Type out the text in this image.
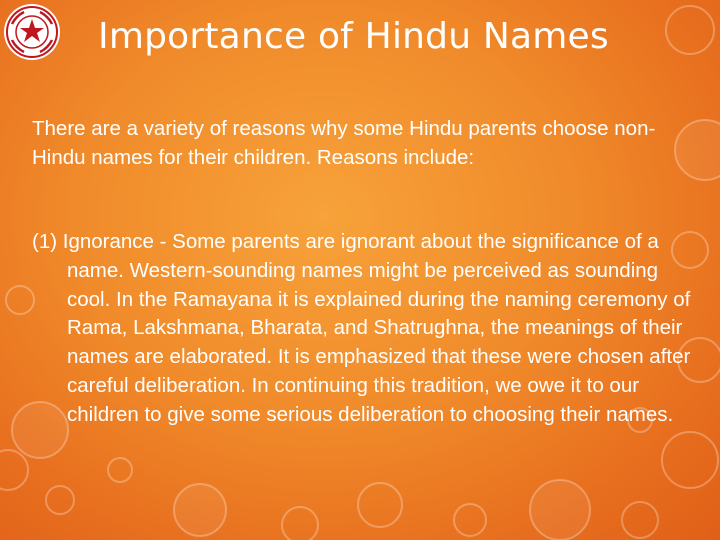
Importance of Hindu Names

There are a variety of reasons why some Hindu parents choose non-Hindu names for their children. Reasons include:

(1) Ignorance - Some parents are ignorant about the significance of a name. Western-sounding names might be perceived as sounding cool. In the Ramayana it is explained during the naming ceremony of Rama, Lakshmana, Bharata, and Shatrughna, the meanings of their names are elaborated. It is emphasized that these were chosen after careful deliberation. In continuing this tradition, we owe it to our children to give some serious deliberation to choosing their names.
